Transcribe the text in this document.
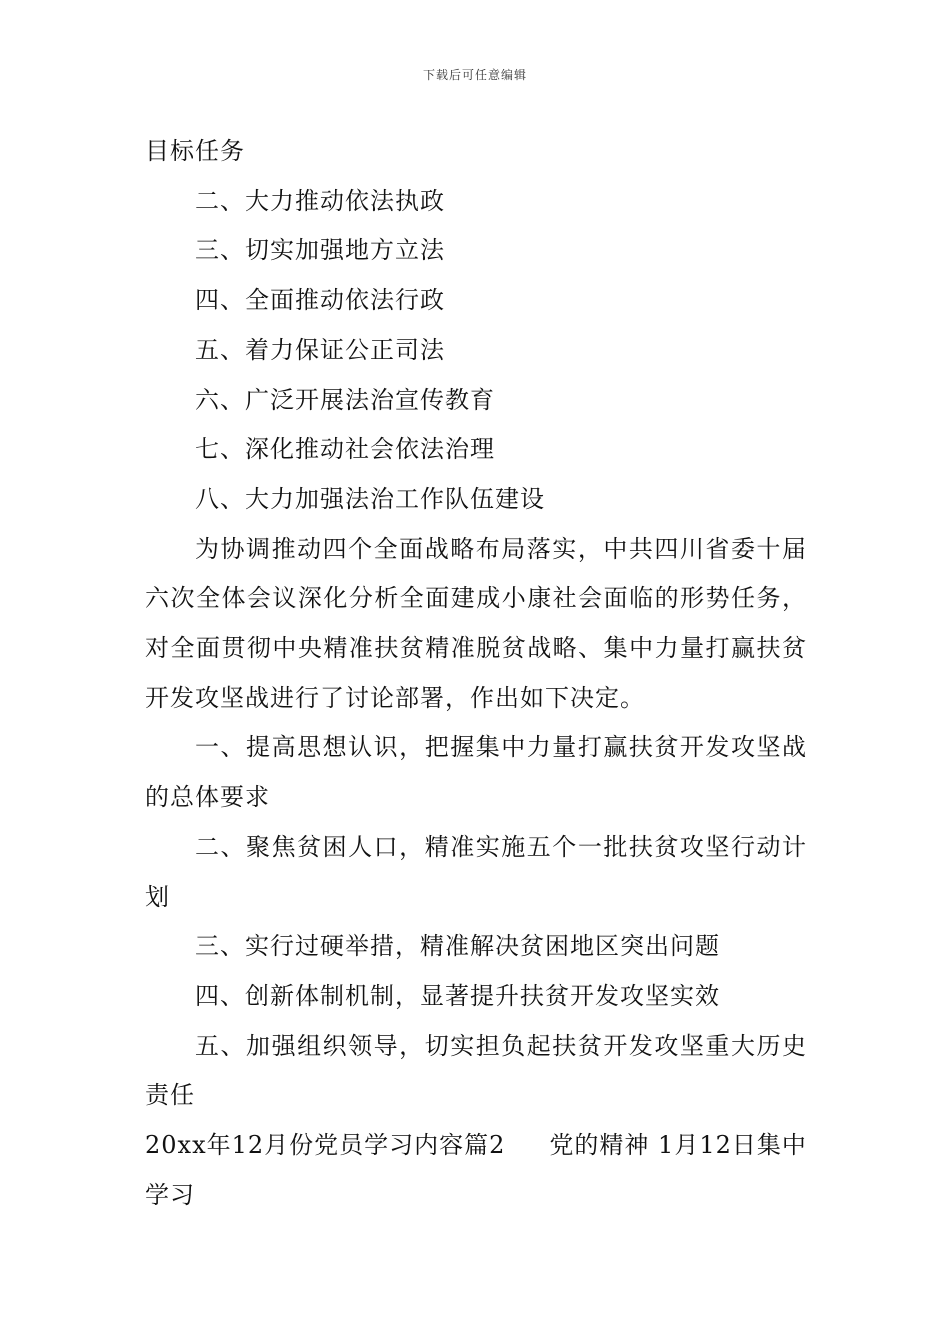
下载后可任意编辑

目标任务

二、大力推动依法执政

三、切实加强地方立法

四、全面推动依法行政

五、着力保证公正司法

六、广泛开展法治宣传教育

七、深化推动社会依法治理

八、大力加强法治工作队伍建设

为协调推动四个全面战略布局落实，中共四川省委十届六次全体会议深化分析全面建成小康社会面临的形势任务，对全面贯彻中央精准扶贫精准脱贫战略、集中力量打赢扶贫开发攻坚战进行了讨论部署，作出如下决定。

一、提高思想认识，把握集中力量打赢扶贫开发攻坚战的总体要求

二、聚焦贫困人口，精准实施五个一批扶贫攻坚行动计划

三、实行过硬举措，精准解决贫困地区突出问题

四、创新体制机制，显著提升扶贫开发攻坚实效

五、加强组织领导，切实担负起扶贫开发攻坚重大历史责任

20xx年12月份党员学习内容篇2 党的精神 1月12日集中学习
